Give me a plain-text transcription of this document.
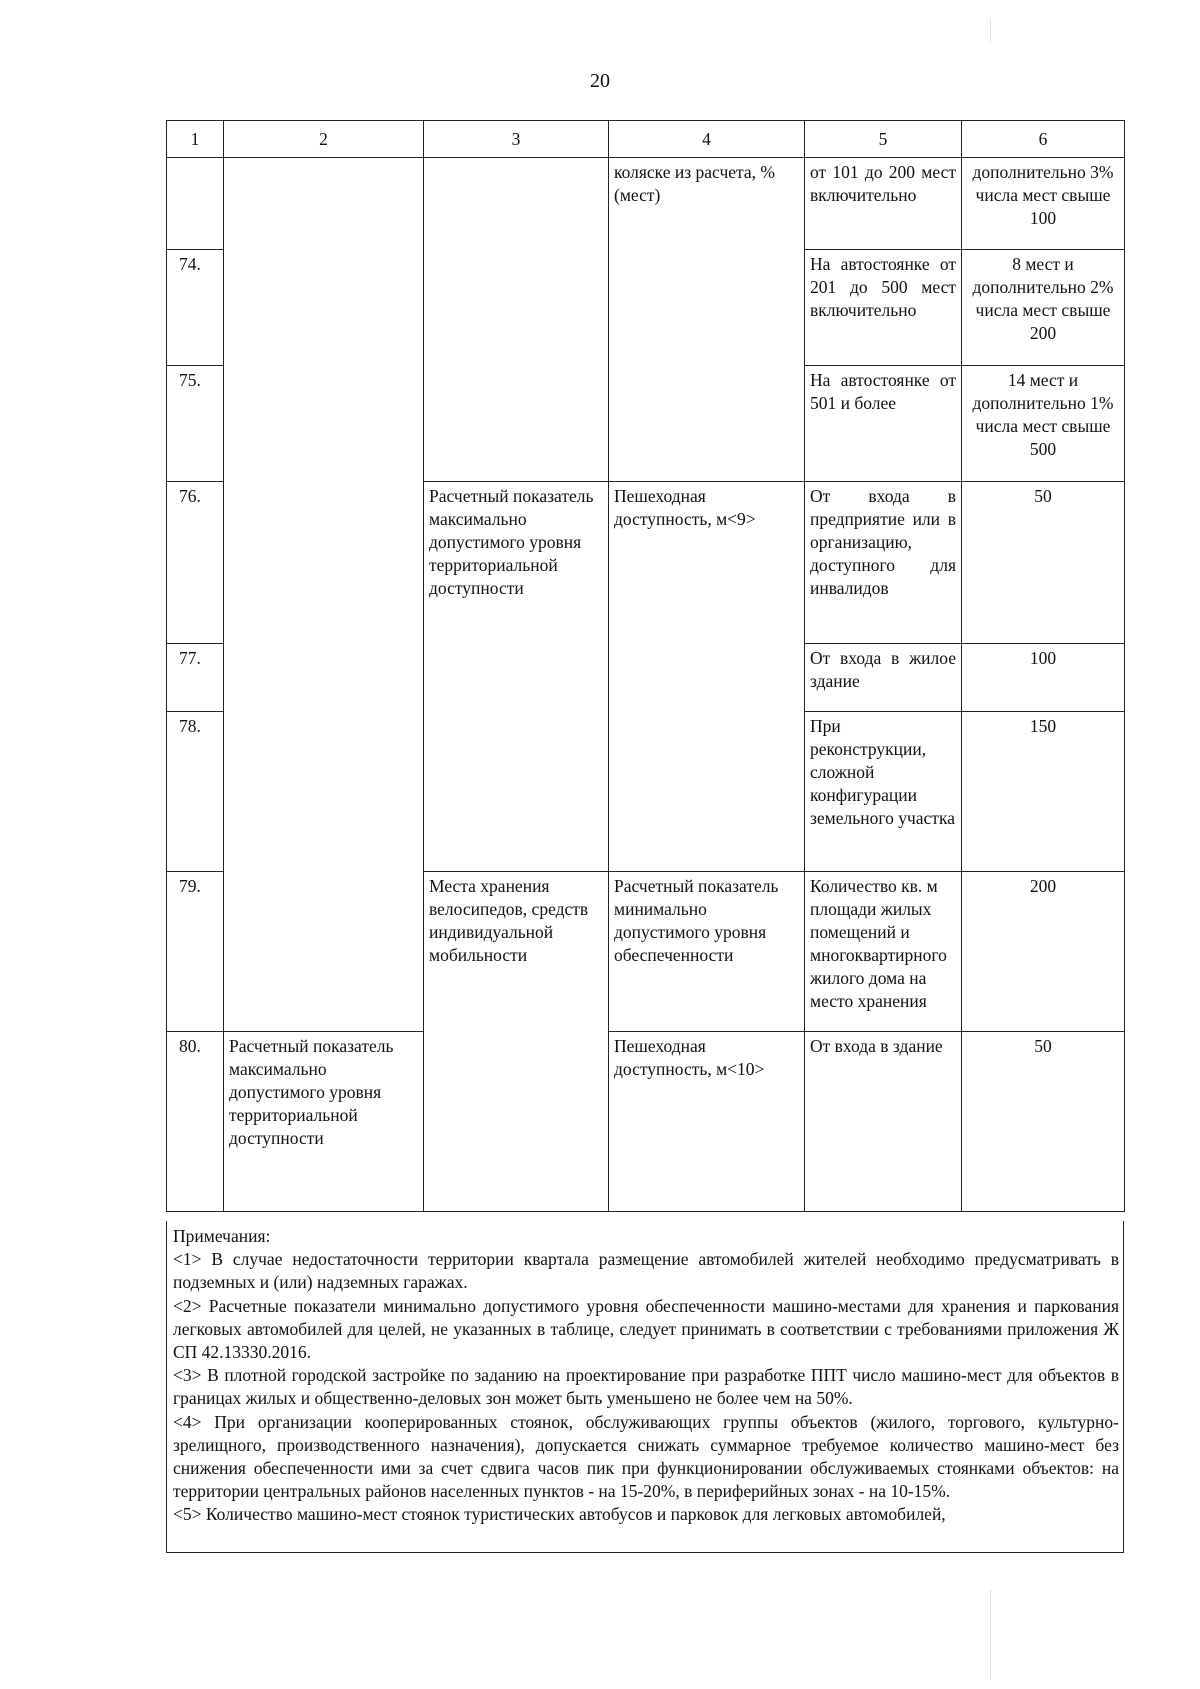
20
1	2	3	4	5	6
			коляске из расчета, % (мест)	от 101 до 200 мест включительно	дополнительно 3% числа мест свыше 100
74.				На автостоянке от 201 до 500 мест включительно	8 мест и дополнительно 2% числа мест свыше 200
75.				На автостоянке от 501 и более	14 мест и дополнительно 1% числа мест свыше 500
76.		Расчетный показатель максимально допустимого уровня территориальной доступности	Пешеходная доступность, м<9>	От входа в предприятие или в организацию, доступного для инвалидов	50
77.				От входа в жилое здание	100
78.				При реконструкции, сложной конфигурации земельного участка	150
79.		Места хранения велосипедов, средств индивидуальной мобильности	Расчетный показатель минимально допустимого уровня обеспеченности	Количество кв. м площади жилых помещений и многоквартирного жилого дома на место хранения	200
80.	Расчетный показатель максимально допустимого уровня территориальной доступности		Пешеходная доступность, м<10>	От входа в здание	50

Примечания:

<1> В случае недостаточности территории квартала размещение автомобилей жителей необходимо предусматривать в подземных и (или) надземных гаражах.

<2> Расчетные показатели минимально допустимого уровня обеспеченности машино-местами для хранения и паркования легковых автомобилей для целей, не указанных в таблице, следует принимать в соответствии с требованиями приложения Ж СП 42.13330.2016.

<3> В плотной городской застройке по заданию на проектирование при разработке ППТ число машино-мест для объектов в границах жилых и общественно-деловых зон может быть уменьшено не более чем на 50%.

<4> При организации кооперированных стоянок, обслуживающих группы объектов (жилого, торгового, культурно-зрелищного, производственного назначения), допускается снижать суммарное требуемое количество машино-мест без снижения обеспеченности ими за счет сдвига часов пик при функционировании обслуживаемых стоянками объектов: на территории центральных районов населенных пунктов - на 15-20%, в периферийных зонах - на 10-15%.

<5> Количество машино-мест стоянок туристических автобусов и парковок для легковых автомобилей,
